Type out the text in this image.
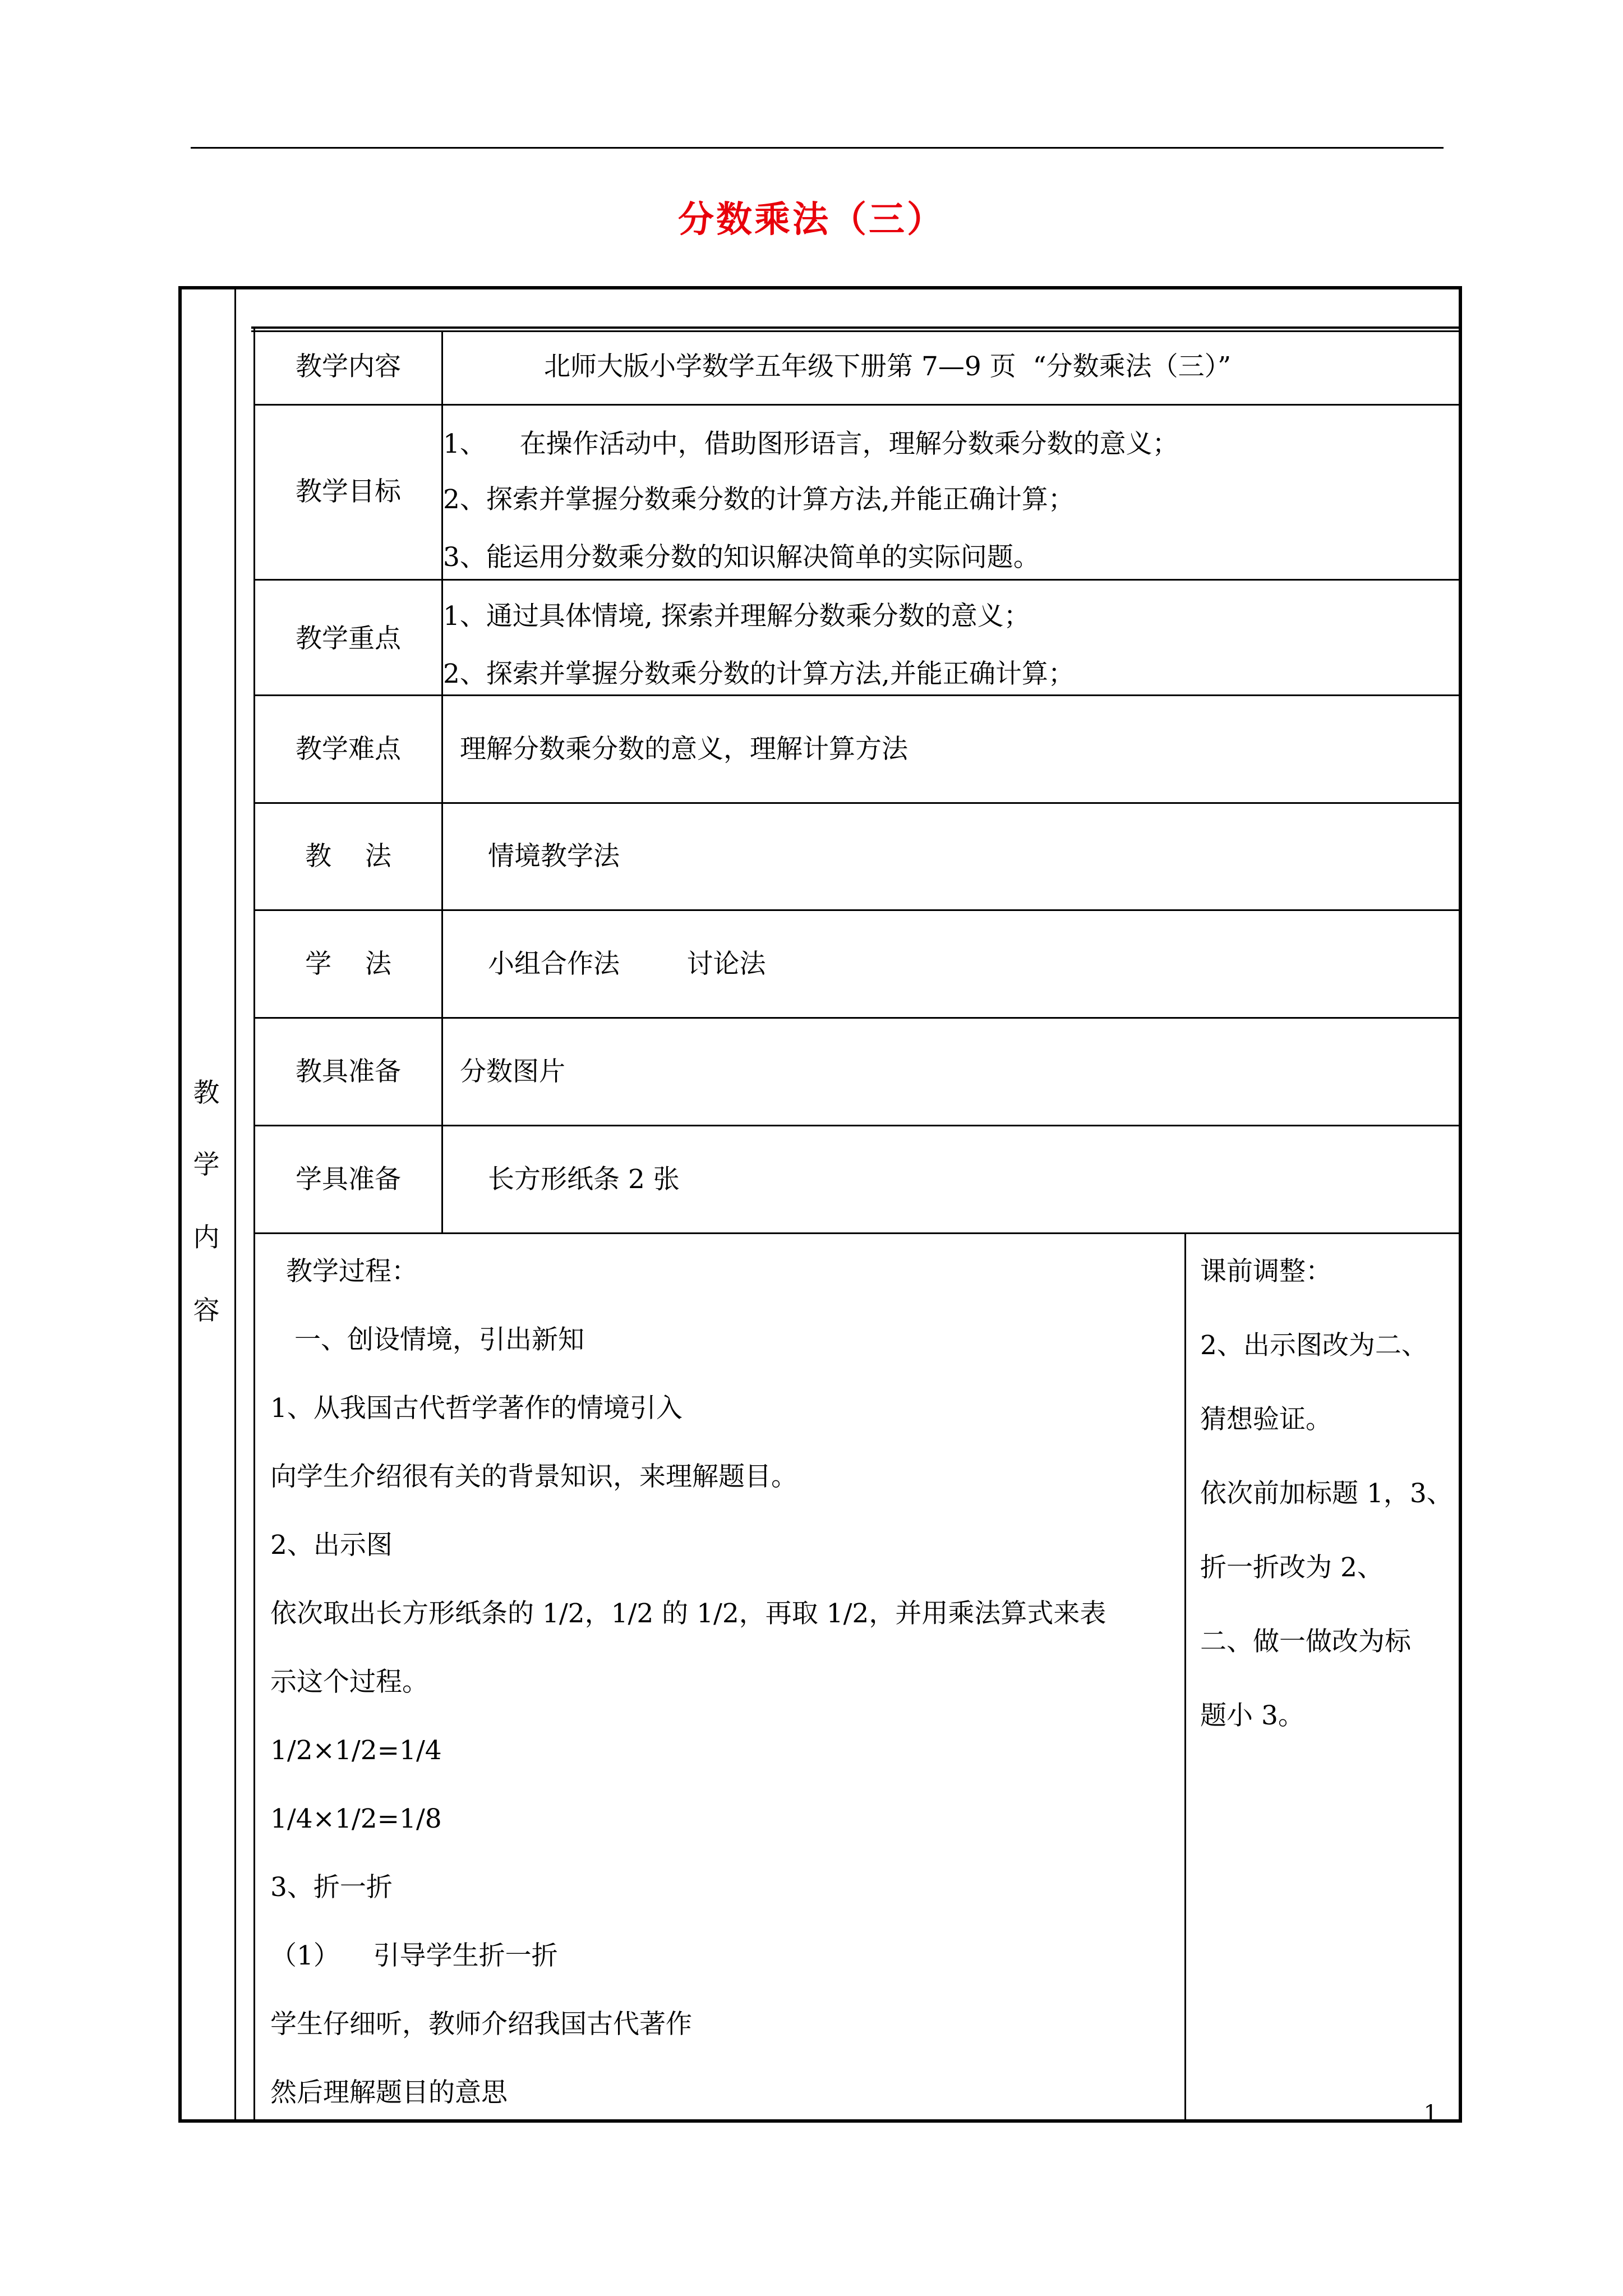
分数乘法（三）
教
学
内
容
教学内容	北师大版小学数学五年级下册第 7—9 页  “分数乘法（三）”
教学目标
1、    在操作活动中，借助图形语言，理解分数乘分数的意义；
2、探索并掌握分数乘分数的计算方法,并能正确计算；
3、能运用分数乘分数的知识解决简单的实际问题。
教学重点
1、通过具体情境, 探索并理解分数乘分数的意义；
2、探索并掌握分数乘分数的计算方法,并能正确计算；
教学难点	理解分数乘分数的意义，理解计算方法
教    法	情境教学法
学    法	小组合作法        讨论法
教具准备	分数图片
学具准备	长方形纸条 2 张
教学过程：
一、创设情境，引出新知
1、从我国古代哲学著作的情境引入
向学生介绍很有关的背景知识，来理解题目。
2、出示图
依次取出长方形纸条的 1/2，1/2 的 1/2，再取 1/2，并用乘法算式来表
示这个过程。
1/2×1/2=1/4
1/4×1/2=1/8
3、折一折
（1）    引导学生折一折
学生仔细听，教师介绍我国古代著作
然后理解题目的意思
课前调整：
2、出示图改为二、
猜想验证。
依次前加标题 1，3、
折一折改为 2、
二、做一做改为标
题小 3。
1
